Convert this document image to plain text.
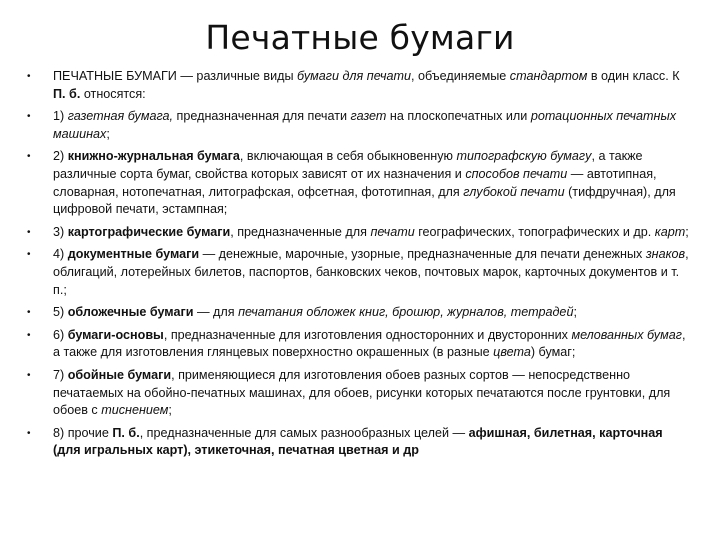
Печатные бумаги
• ПЕЧАТНЫЕ БУМАГИ — различные виды бумаги для печати, объединяемые стандартом в один класс. К П. б. относятся:
• 1) газетная бумага, предназначенная для печати газет на плоскопечатных или ротационных печатных машинах;
• 2) книжно-журнальная бумага, включающая в себя обыкновенную типографскую бумагу, а также различные сорта бумаг, свойства которых зависят от их назначения и способов печати — автотипная, словарная, нотопечатная, литографская, офсетная, фототипная, для глубокой печати (тифдручная), для цифровой печати, эстампная;
• 3) картографические бумаги, предназначенные для печати географических, топографических и др. карт;
• 4) документные бумаги — денежные, марочные, узорные, предназначенные для печати денежных знаков, облигаций, лотерейных билетов, паспортов, банковских чеков, почтовых марок, карточных документов и т. п.;
• 5) обложечные бумаги — для печатания обложек книг, брошюр, журналов, тетрадей;
• 6) бумаги-основы, предназначенные для изготовления односторонних и двусторонних мелованных бумаг, а также для изготовления глянцевых поверхностно окрашенных (в разные цвета) бумаг;
• 7) обойные бумаги, применяющиеся для изготовления обоев разных сортов — непосредственно печатаемых на обойно-печатных машинах, для обоев, рисунки которых печатаются после грунтовки, для обоев с тиснением;
• 8) прочие П. б., предназначенные для самых разнообразных целей — афишная, билетная, карточная (для игральных карт), этикеточная, печатная цветная и др
